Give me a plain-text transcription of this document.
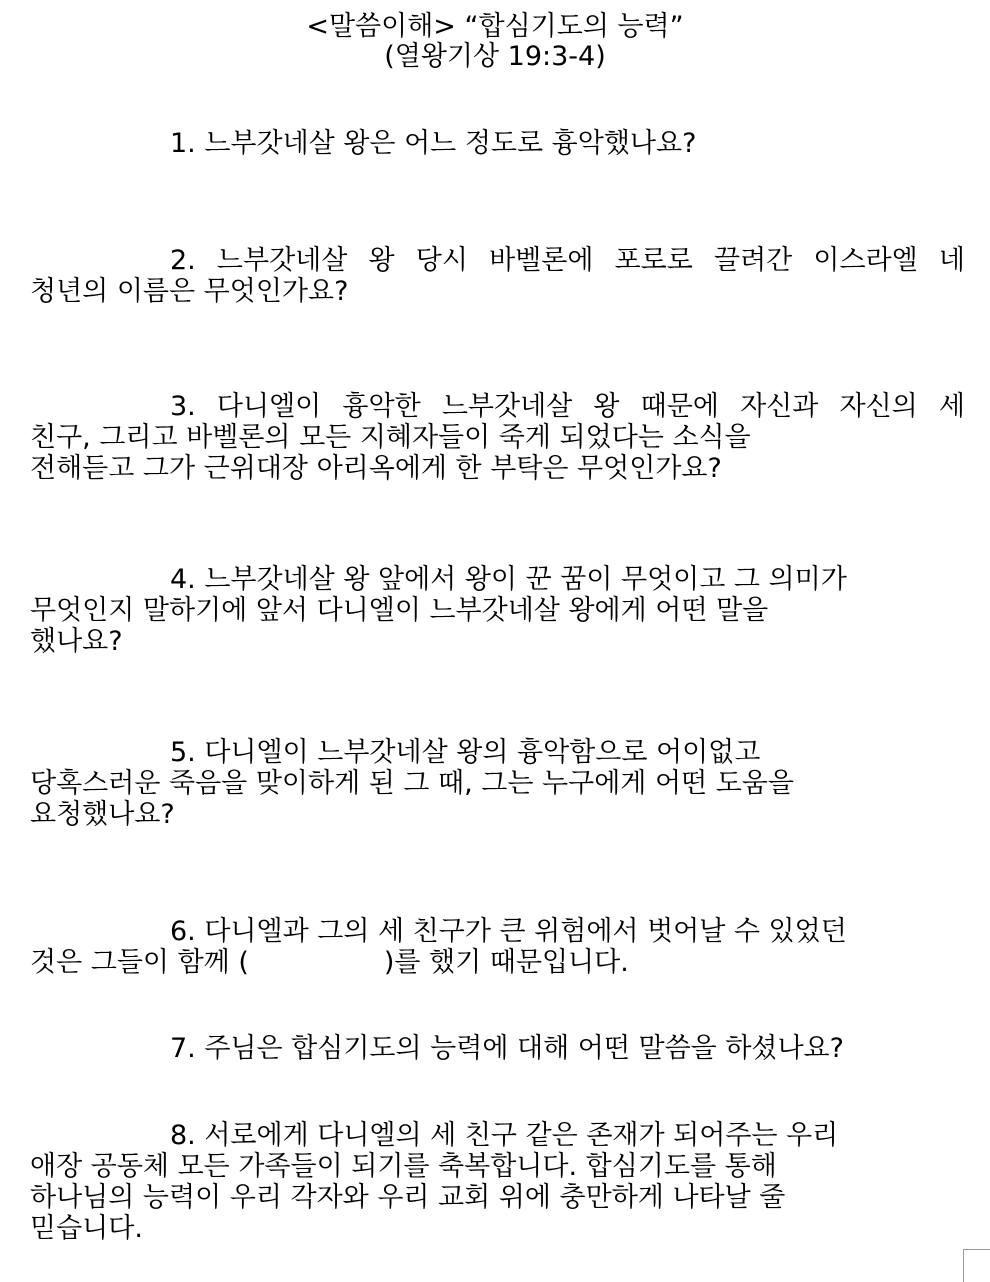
<말씀이해> “합심기도의 능력”
(열왕기상 19:3-4)
1. 느부갓네살 왕은 어느 정도로 흉악했나요?
2. 느부갓네살 왕 당시 바벨론에 포로로 끌려간 이스라엘 네
청년의 이름은 무엇인가요?
3. 다니엘이 흉악한 느부갓네살 왕 때문에 자신과 자신의 세
친구, 그리고 바벨론의 모든 지혜자들이 죽게 되었다는 소식을
전해듣고 그가 근위대장 아리옥에게 한 부탁은 무엇인가요?
4. 느부갓네살 왕 앞에서 왕이 꾼 꿈이 무엇이고 그 의미가
무엇인지 말하기에 앞서 다니엘이 느부갓네살 왕에게 어떤 말을
했나요?
5. 다니엘이 느부갓네살 왕의 흉악함으로 어이없고
당혹스러운 죽음을 맞이하게 된 그 때, 그는 누구에게 어떤 도움을
요청했나요?
6. 다니엘과 그의 세 친구가 큰 위험에서 벗어날 수 있었던
것은 그들이 함께 (	)를 했기 때문입니다.
7. 주님은 합심기도의 능력에 대해 어떤 말씀을 하셨나요?
8. 서로에게 다니엘의 세 친구 같은 존재가 되어주는 우리
애장 공동체 모든 가족들이 되기를 축복합니다. 합심기도를 통해
하나님의 능력이 우리 각자와 우리 교회 위에 충만하게 나타날 줄
믿습니다.
